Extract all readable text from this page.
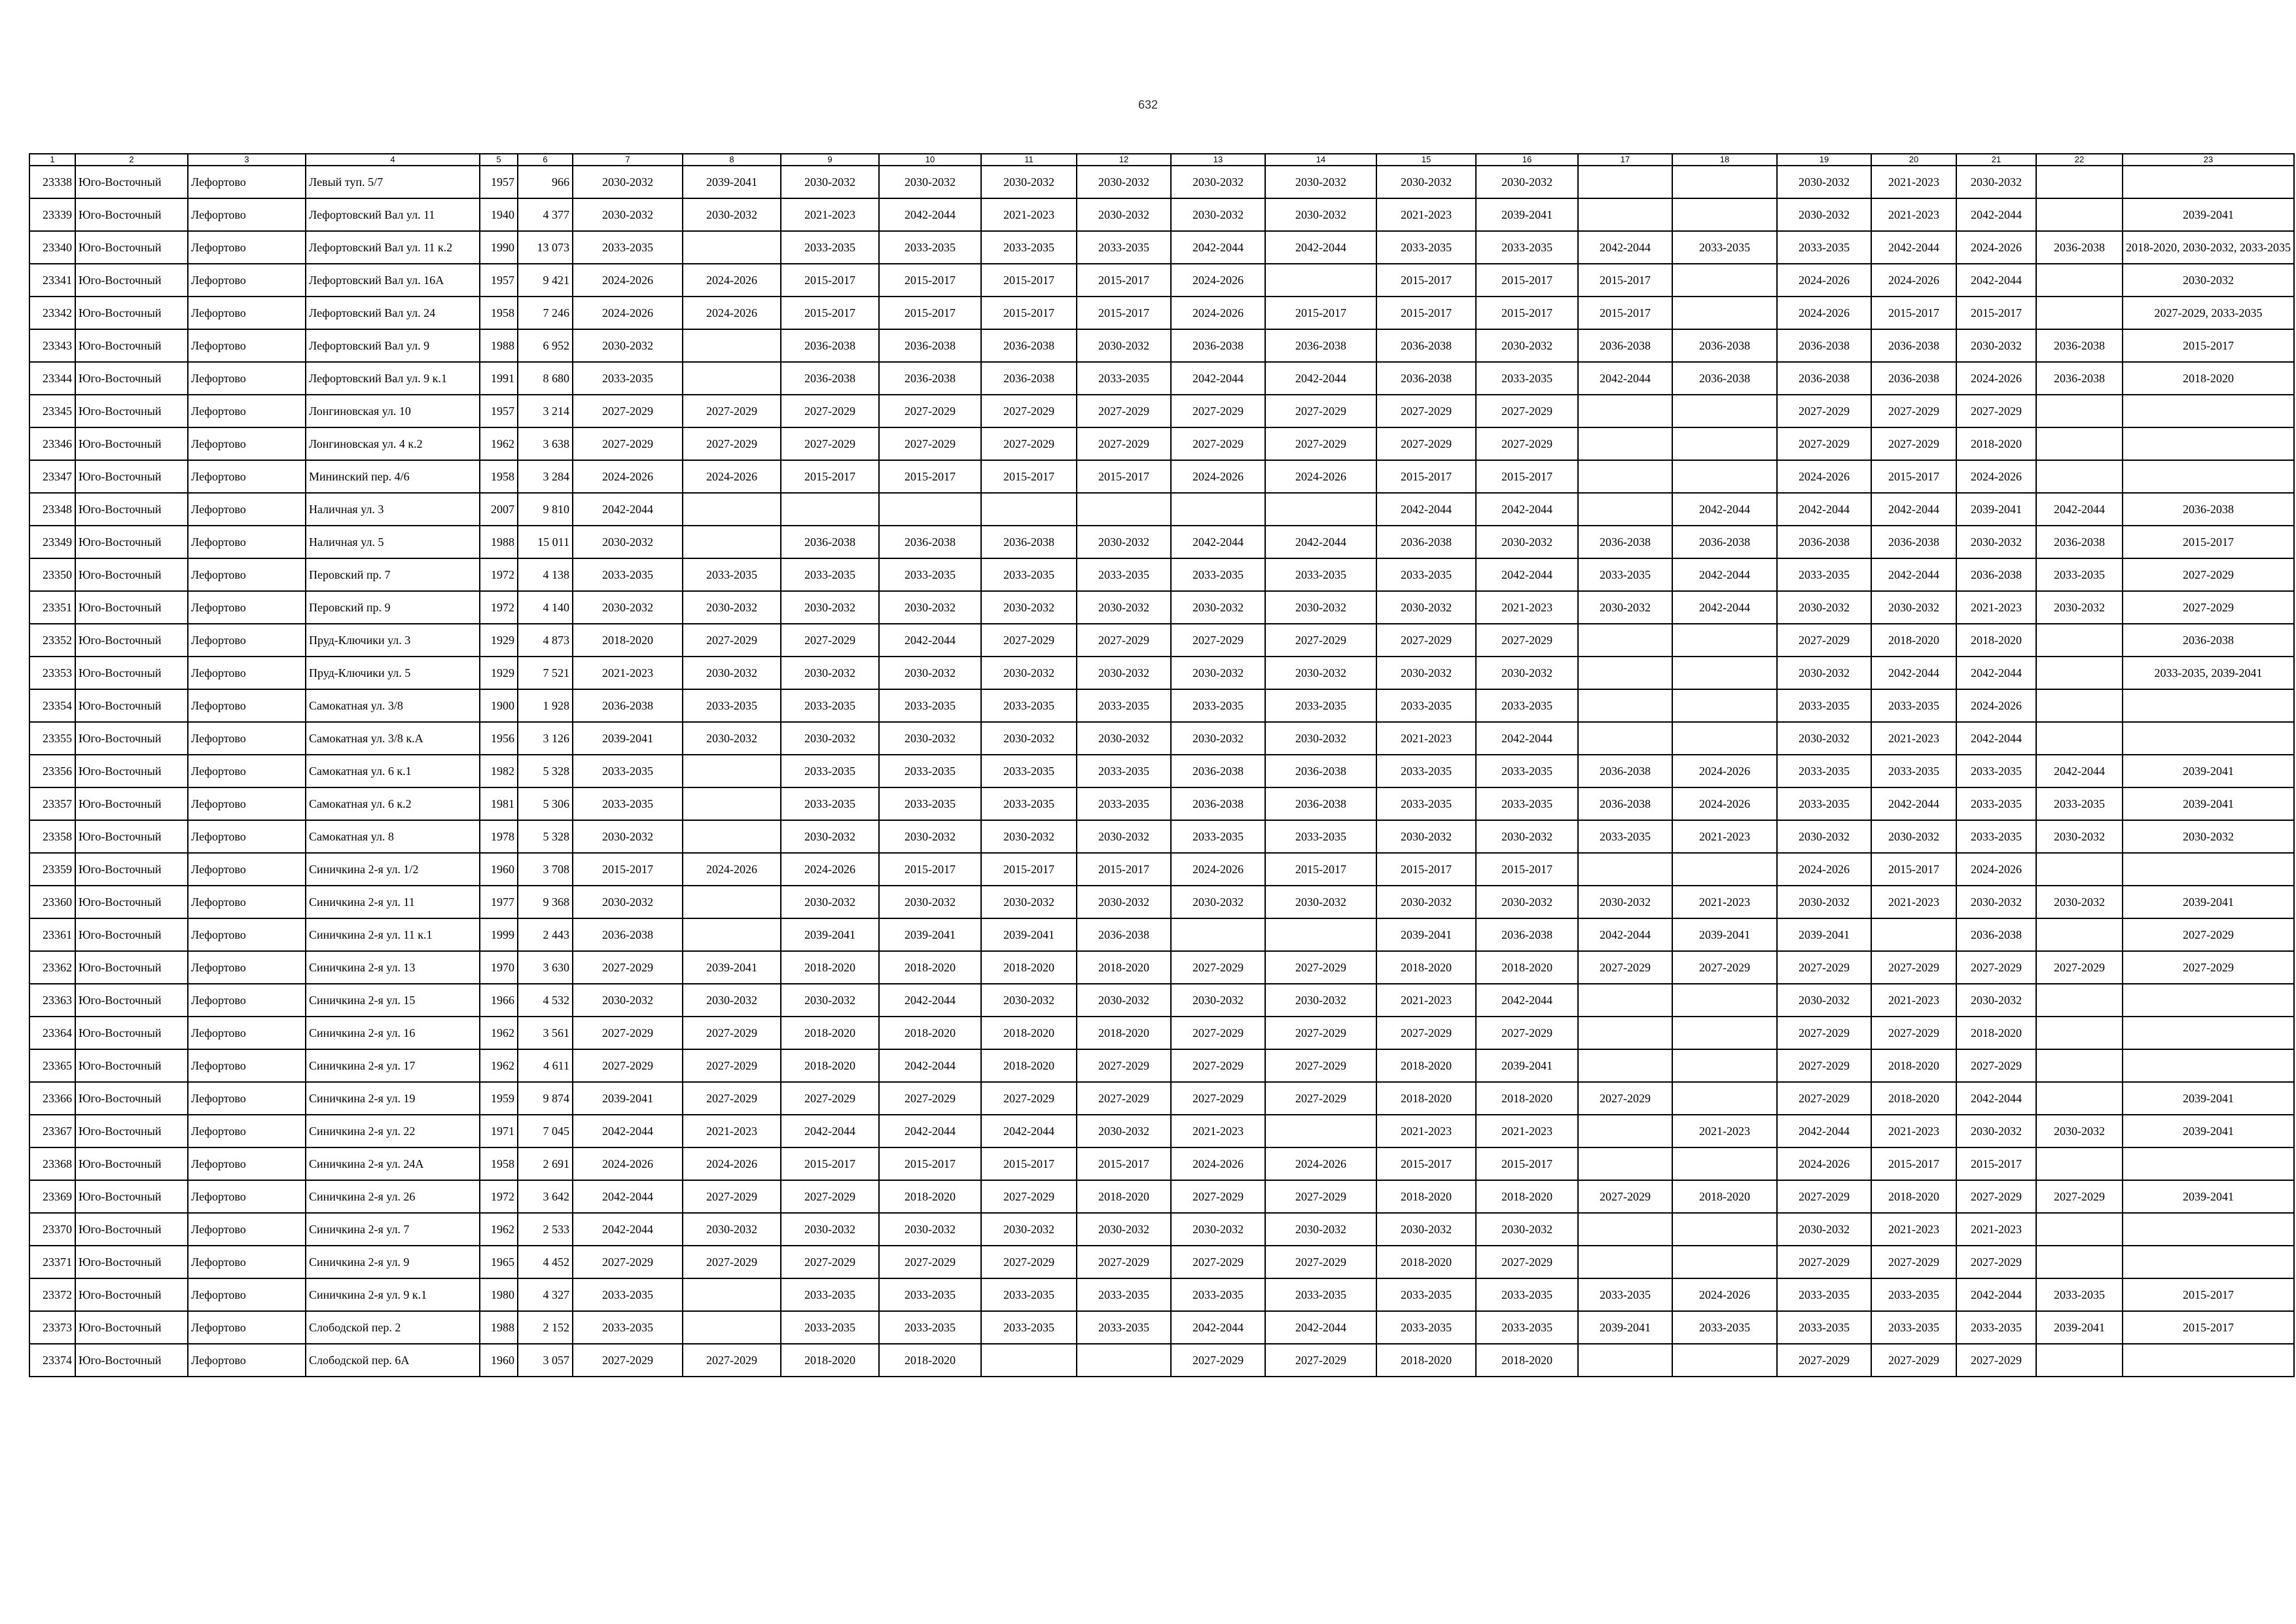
632
1	2	3	4	5	6	7	8	9	10	11	12	13	14	15	16	17	18	19	20	21	22	23
23338	Юго-Восточный	Лефортово	Левый туп. 5/7	1957	966	2030-2032	2039-2041	2030-2032	2030-2032	2030-2032	2030-2032	2030-2032	2030-2032	2030-2032	2030-2032			2030-2032	2021-2023	2030-2032		
23339	Юго-Восточный	Лефортово	Лефортовский Вал ул. 11	1940	4 377	2030-2032	2030-2032	2021-2023	2042-2044	2021-2023	2030-2032	2030-2032	2030-2032	2021-2023	2039-2041			2030-2032	2021-2023	2042-2044		2039-2041
23340	Юго-Восточный	Лефортово	Лефортовский Вал ул. 11 к.2	1990	13 073	2033-2035		2033-2035	2033-2035	2033-2035	2033-2035	2042-2044	2042-2044	2033-2035	2033-2035	2042-2044	2033-2035	2033-2035	2042-2044	2024-2026	2036-2038	2018-2020, 2030-2032, 2033-2035
23341	Юго-Восточный	Лефортово	Лефортовский Вал ул. 16А	1957	9 421	2024-2026	2024-2026	2015-2017	2015-2017	2015-2017	2015-2017	2024-2026		2015-2017	2015-2017	2015-2017		2024-2026	2024-2026	2042-2044		2030-2032
23342	Юго-Восточный	Лефортово	Лефортовский Вал ул. 24	1958	7 246	2024-2026	2024-2026	2015-2017	2015-2017	2015-2017	2015-2017	2024-2026	2015-2017	2015-2017	2015-2017	2015-2017		2024-2026	2015-2017	2015-2017		2027-2029, 2033-2035
23343	Юго-Восточный	Лефортово	Лефортовский Вал ул. 9	1988	6 952	2030-2032		2036-2038	2036-2038	2036-2038	2030-2032	2036-2038	2036-2038	2036-2038	2030-2032	2036-2038	2036-2038	2036-2038	2036-2038	2030-2032	2036-2038	2015-2017
23344	Юго-Восточный	Лефортово	Лефортовский Вал ул. 9 к.1	1991	8 680	2033-2035		2036-2038	2036-2038	2036-2038	2033-2035	2042-2044	2042-2044	2036-2038	2033-2035	2042-2044	2036-2038	2036-2038	2036-2038	2024-2026	2036-2038	2018-2020
23345	Юго-Восточный	Лефортово	Лонгиновская ул. 10	1957	3 214	2027-2029	2027-2029	2027-2029	2027-2029	2027-2029	2027-2029	2027-2029	2027-2029	2027-2029	2027-2029			2027-2029	2027-2029	2027-2029		
23346	Юго-Восточный	Лефортово	Лонгиновская ул. 4 к.2	1962	3 638	2027-2029	2027-2029	2027-2029	2027-2029	2027-2029	2027-2029	2027-2029	2027-2029	2027-2029	2027-2029			2027-2029	2027-2029	2018-2020		
23347	Юго-Восточный	Лефортово	Мининский пер. 4/6	1958	3 284	2024-2026	2024-2026	2015-2017	2015-2017	2015-2017	2015-2017	2024-2026	2024-2026	2015-2017	2015-2017			2024-2026	2015-2017	2024-2026		
23348	Юго-Восточный	Лефортово	Наличная ул. 3	2007	9 810	2042-2044								2042-2044	2042-2044		2042-2044	2042-2044	2042-2044	2039-2041	2042-2044	2036-2038
23349	Юго-Восточный	Лефортово	Наличная ул. 5	1988	15 011	2030-2032		2036-2038	2036-2038	2036-2038	2030-2032	2042-2044	2042-2044	2036-2038	2030-2032	2036-2038	2036-2038	2036-2038	2036-2038	2030-2032	2036-2038	2015-2017
23350	Юго-Восточный	Лефортово	Перовский пр. 7	1972	4 138	2033-2035	2033-2035	2033-2035	2033-2035	2033-2035	2033-2035	2033-2035	2033-2035	2033-2035	2042-2044	2033-2035	2042-2044	2033-2035	2042-2044	2036-2038	2033-2035	2027-2029
23351	Юго-Восточный	Лефортово	Перовский пр. 9	1972	4 140	2030-2032	2030-2032	2030-2032	2030-2032	2030-2032	2030-2032	2030-2032	2030-2032	2030-2032	2021-2023	2030-2032	2042-2044	2030-2032	2030-2032	2021-2023	2030-2032	2027-2029
23352	Юго-Восточный	Лефортово	Пруд-Ключики ул. 3	1929	4 873	2018-2020	2027-2029	2027-2029	2042-2044	2027-2029	2027-2029	2027-2029	2027-2029	2027-2029	2027-2029			2027-2029	2018-2020	2018-2020		2036-2038
23353	Юго-Восточный	Лефортово	Пруд-Ключики ул. 5	1929	7 521	2021-2023	2030-2032	2030-2032	2030-2032	2030-2032	2030-2032	2030-2032	2030-2032	2030-2032	2030-2032			2030-2032	2042-2044	2042-2044		2033-2035, 2039-2041
23354	Юго-Восточный	Лефортово	Самокатная ул. 3/8	1900	1 928	2036-2038	2033-2035	2033-2035	2033-2035	2033-2035	2033-2035	2033-2035	2033-2035	2033-2035	2033-2035			2033-2035	2033-2035	2024-2026		
23355	Юго-Восточный	Лефортово	Самокатная ул. 3/8 к.А	1956	3 126	2039-2041	2030-2032	2030-2032	2030-2032	2030-2032	2030-2032	2030-2032	2030-2032	2021-2023	2042-2044			2030-2032	2021-2023	2042-2044		
23356	Юго-Восточный	Лефортово	Самокатная ул. 6 к.1	1982	5 328	2033-2035		2033-2035	2033-2035	2033-2035	2033-2035	2036-2038	2036-2038	2033-2035	2033-2035	2036-2038	2024-2026	2033-2035	2033-2035	2033-2035	2042-2044	2039-2041
23357	Юго-Восточный	Лефортово	Самокатная ул. 6 к.2	1981	5 306	2033-2035		2033-2035	2033-2035	2033-2035	2033-2035	2036-2038	2036-2038	2033-2035	2033-2035	2036-2038	2024-2026	2033-2035	2042-2044	2033-2035	2033-2035	2039-2041
23358	Юго-Восточный	Лефортово	Самокатная ул. 8	1978	5 328	2030-2032		2030-2032	2030-2032	2030-2032	2030-2032	2033-2035	2033-2035	2030-2032	2030-2032	2033-2035	2021-2023	2030-2032	2030-2032	2033-2035	2030-2032	2030-2032
23359	Юго-Восточный	Лефортово	Синичкина 2-я ул. 1/2	1960	3 708	2015-2017	2024-2026	2024-2026	2015-2017	2015-2017	2015-2017	2024-2026	2015-2017	2015-2017	2015-2017			2024-2026	2015-2017	2024-2026		
23360	Юго-Восточный	Лефортово	Синичкина 2-я ул. 11	1977	9 368	2030-2032		2030-2032	2030-2032	2030-2032	2030-2032	2030-2032	2030-2032	2030-2032	2030-2032	2030-2032	2021-2023	2030-2032	2021-2023	2030-2032	2030-2032	2039-2041
23361	Юго-Восточный	Лефортово	Синичкина 2-я ул. 11 к.1	1999	2 443	2036-2038		2039-2041	2039-2041	2039-2041	2036-2038			2039-2041	2036-2038	2042-2044	2039-2041	2039-2041		2036-2038		2027-2029
23362	Юго-Восточный	Лефортово	Синичкина 2-я ул. 13	1970	3 630	2027-2029	2039-2041	2018-2020	2018-2020	2018-2020	2018-2020	2027-2029	2027-2029	2018-2020	2018-2020	2027-2029	2027-2029	2027-2029	2027-2029	2027-2029	2027-2029	2027-2029
23363	Юго-Восточный	Лефортово	Синичкина 2-я ул. 15	1966	4 532	2030-2032	2030-2032	2030-2032	2042-2044	2030-2032	2030-2032	2030-2032	2030-2032	2021-2023	2042-2044			2030-2032	2021-2023	2030-2032		
23364	Юго-Восточный	Лефортово	Синичкина 2-я ул. 16	1962	3 561	2027-2029	2027-2029	2018-2020	2018-2020	2018-2020	2018-2020	2027-2029	2027-2029	2027-2029	2027-2029			2027-2029	2027-2029	2018-2020		
23365	Юго-Восточный	Лефортово	Синичкина 2-я ул. 17	1962	4 611	2027-2029	2027-2029	2018-2020	2042-2044	2018-2020	2027-2029	2027-2029	2027-2029	2018-2020	2039-2041			2027-2029	2018-2020	2027-2029		
23366	Юго-Восточный	Лефортово	Синичкина 2-я ул. 19	1959	9 874	2039-2041	2027-2029	2027-2029	2027-2029	2027-2029	2027-2029	2027-2029	2027-2029	2018-2020	2018-2020	2027-2029		2027-2029	2018-2020	2042-2044		2039-2041
23367	Юго-Восточный	Лефортово	Синичкина 2-я ул. 22	1971	7 045	2042-2044	2021-2023	2042-2044	2042-2044	2042-2044	2030-2032	2021-2023		2021-2023	2021-2023		2021-2023	2042-2044	2021-2023	2030-2032	2030-2032	2039-2041
23368	Юго-Восточный	Лефортово	Синичкина 2-я ул. 24А	1958	2 691	2024-2026	2024-2026	2015-2017	2015-2017	2015-2017	2015-2017	2024-2026	2024-2026	2015-2017	2015-2017			2024-2026	2015-2017	2015-2017		
23369	Юго-Восточный	Лефортово	Синичкина 2-я ул. 26	1972	3 642	2042-2044	2027-2029	2027-2029	2018-2020	2027-2029	2018-2020	2027-2029	2027-2029	2018-2020	2018-2020	2027-2029	2018-2020	2027-2029	2018-2020	2027-2029	2027-2029	2039-2041
23370	Юго-Восточный	Лефортово	Синичкина 2-я ул. 7	1962	2 533	2042-2044	2030-2032	2030-2032	2030-2032	2030-2032	2030-2032	2030-2032	2030-2032	2030-2032	2030-2032			2030-2032	2021-2023	2021-2023		
23371	Юго-Восточный	Лефортово	Синичкина 2-я ул. 9	1965	4 452	2027-2029	2027-2029	2027-2029	2027-2029	2027-2029	2027-2029	2027-2029	2027-2029	2018-2020	2027-2029			2027-2029	2027-2029	2027-2029		
23372	Юго-Восточный	Лефортово	Синичкина 2-я ул. 9 к.1	1980	4 327	2033-2035		2033-2035	2033-2035	2033-2035	2033-2035	2033-2035	2033-2035	2033-2035	2033-2035	2033-2035	2024-2026	2033-2035	2033-2035	2042-2044	2033-2035	2015-2017
23373	Юго-Восточный	Лефортово	Слободской пер. 2	1988	2 152	2033-2035		2033-2035	2033-2035	2033-2035	2033-2035	2042-2044	2042-2044	2033-2035	2033-2035	2039-2041	2033-2035	2033-2035	2033-2035	2033-2035	2039-2041	2015-2017
23374	Юго-Восточный	Лефортово	Слободской пер. 6А	1960	3 057	2027-2029	2027-2029	2018-2020	2018-2020			2027-2029	2027-2029	2018-2020	2018-2020			2027-2029	2027-2029	2027-2029		
